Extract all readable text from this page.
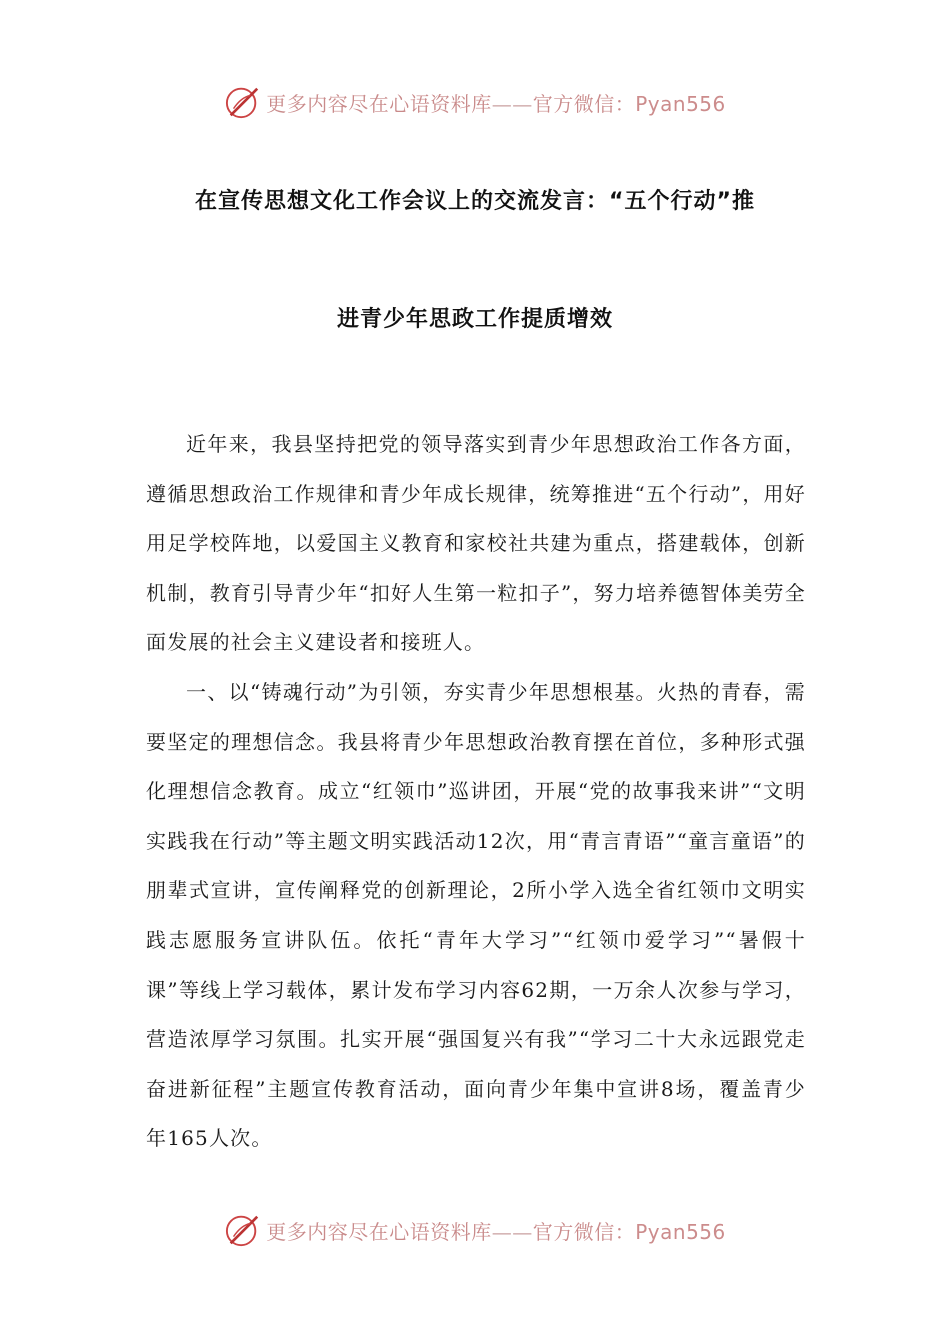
更多内容尽在心语资料库——官方微信：Pyan556
在宣传思想文化工作会议上的交流发言：“五个行动”推
进青少年思政工作提质增效

近年来，我县坚持把党的领导落实到青少年思想政治工作各方面，遵循思想政治工作规律和青少年成长规律，统筹推进“五个行动”，用好用足学校阵地，以爱国主义教育和家校社共建为重点，搭建载体，创新机制，教育引导青少年“扣好人生第一粒扣子”，努力培养德智体美劳全面发展的社会主义建设者和接班人。

一、以“铸魂行动”为引领，夯实青少年思想根基。火热的青春，需要坚定的理想信念。我县将青少年思想政治教育摆在首位，多种形式强化理想信念教育。成立“红领巾”巡讲团，开展“党的故事我来讲”“文明实践我在行动”等主题文明实践活动12次，用“青言青语”“童言童语”的朋辈式宣讲，宣传阐释党的创新理论，2所小学入选全省红领巾文明实践志愿服务宣讲队伍。依托“青年大学习”“红领巾爱学习”“暑假十课”等线上学习载体，累计发布学习内容62期，一万余人次参与学习，营造浓厚学习氛围。扎实开展“强国复兴有我”“学习二十大永远跟党走奋进新征程”主题宣传教育活动，面向青少年集中宣讲8场，覆盖青少年165人次。

更多内容尽在心语资料库——官方微信：Pyan556
